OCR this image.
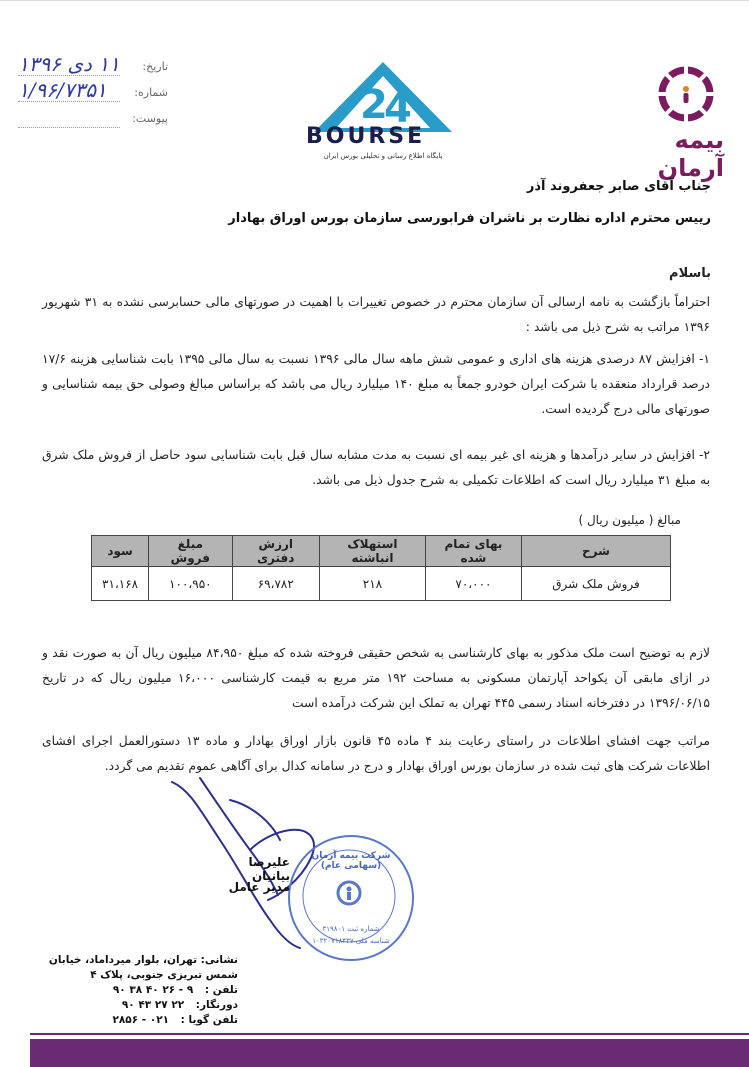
۱۱ دی ۱۳۹۶ تاریخ:
۱/۹۶/۷۳۵۱	شماره:
پیوست:	2
4
BOURSE
پایگاه اطلاع رسانی و تحلیلی بورس ایران
بیمه آرمان
جناب آقای صابر جعفروند آذر
رییس محترم اداره نظارت بر ناشران فرابورسی سازمان بورس اوراق بهادار
باسلام
احتراماً بازگشت به نامه ارسالی آن سازمان محترم در خصوص تغییرات با اهمیت در صورتهای مالی حسابرسی نشده به ۳۱ شهریور ۱۳۹۶ مراتب به شرح ذیل می باشد :
۱- افزایش ۸۷ درصدی هزینه های اداری و عمومی شش ماهه سال مالی ۱۳۹۶ نسبت به سال مالی ۱۳۹۵ بابت شناسایی هزینه ۱۷/۶ درصد قرارداد منعقده با شرکت ایران خودرو جمعاً به مبلغ ۱۴۰ میلیارد ریال می باشد که براساس مبالغ وصولی حق بیمه شناسایی و صورتهای مالی درج گردیده است.
۲- افزایش در سایر درآمدها و هزینه ای غیر بیمه ای نسبت به مدت مشابه سال قبل بابت شناسایی سود حاصل از فروش ملک شرق به مبلغ ۳۱ میلیارد ریال است که اطلاعات تکمیلی به شرح جدول ذیل می باشد.
مبالغ ( میلیون ریال )
شرح	بهای تمام شده	استهلاک انباشته	ارزش دفتری	مبلغ فروش	سود
فروش ملک شرق	۷۰،۰۰۰	۲۱۸	۶۹،۷۸۲	۱۰۰،۹۵۰	۳۱،۱۶۸
لازم به توضیح است ملک مذکور به بهای کارشناسی به شخص حقیقی فروخته شده که مبلغ ۸۴،۹۵۰ میلیون ریال آن به صورت نقد و در ازای مابقی آن یکواحد آپارتمان مسکونی به مساحت ۱۹۲ متر مربع به قیمت کارشناسی ۱۶،۰۰۰ میلیون ریال که در تاریخ ۱۳۹۶/۰۶/۱۵ در دفترخانه اسناد رسمی ۴۴۵ تهران به تملک این شرکت درآمده است
مراتب جهت افشای اطلاعات در راستای رعایت بند ۴ ماده ۴۵ قانون بازار اوراق بهادار و ماده ۱۳ دستورالعمل اجرای افشای اطلاعات شرکت های ثبت شده در سازمان بورس اوراق بهادار و درج در سامانه کدال برای آگاهی عموم تقدیم می گردد.
شرکت بیمه آرمان (سهامی عام)
شماره ثبت ۳۱۹۸۰۱
شناسه ملی ۱۰۳۲۰۷۱۸۴۳۷
علیرضا بیانیان
مدیر عامل
نشانی: تهران، بلوار میرداماد، خیابان
شمس تبریزی جنوبی، پلاک ۴
تلفن : ۹ - ۲۶ ۴۰ ۳۸ ۹۰
دورنگار: ۲۲ ۲۷ ۴۳ ۹۰
تلفن گویا : ۰۲۱ - ۲۸۵۶
